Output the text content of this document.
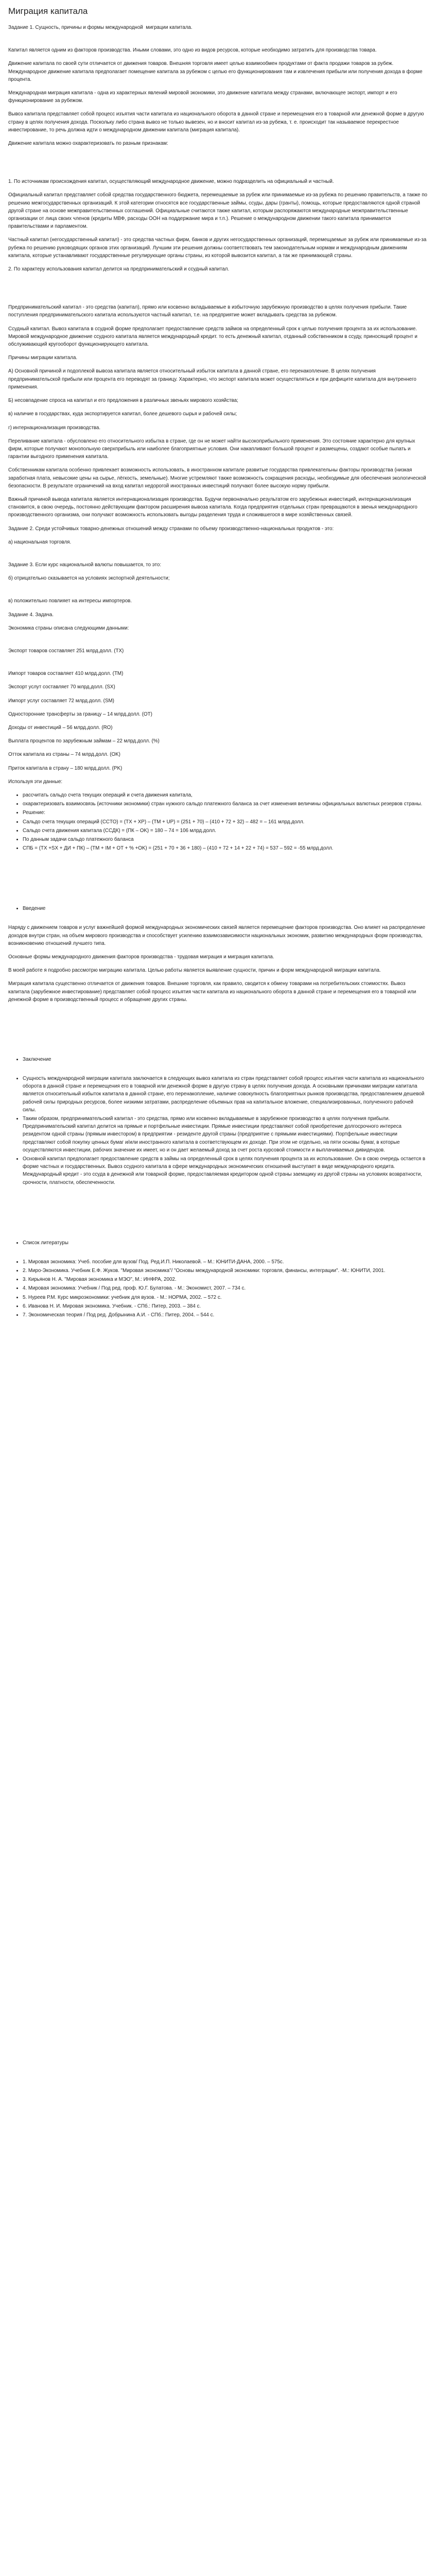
Миграция капитала

Задание 1. Сущность, причины и формы международной  миграции капитала.

Капитал является одним из факторов производства. Иными словами, это одно из видов ресурсов, которые необходимо затратить для производства товара.

Движение капитала по своей сути отличается от движения товаров. Внешняя торговля имеет целью взаимообмен продуктами от факта продажи товаров за рубеж. Международное движение капитала предполагает помещение капитала за рубежом с целью его функционирования там и извлечения прибыли или получения дохода в форме процента.

Международная миграция капитала - одна из характерных явлений мировой экономики, это движение капитала между странами, включающее экспорт, импорт и его функционирование за рубежом.

Вывоз капитала представляет собой процесс изъятия части капитала из национального оборота в данной стране и перемещения его в товарной или денежной форме в другую страну в целях получения дохода. Поскольку либо страна вывоз не только вывезен, но и вносит капитал из-за рубежа, т. е. происходит так называемое перекрестное инвестирование, то речь должна идти о международном движении капитала (миграция капитала).

Движение капитала можно охарактеризовать по разным признакам:

1. По источникам происхождения капитал, осуществляющий международное движение, можно подразделить на официальный и частный.

Официальный капитал представляет собой средства государственного бюджета, перемещаемые за рубеж или принимаемые из-за рубежа по решению правительств, а также по решению межгосударственных организаций. К этой категории относятся все государственные займы, ссуды, дары (гранты), помощь, которые предоставляются одной страной другой стране на основе межправительственных соглашений. Официальные считаются также капитал, которым распоряжаются международные межправительственные организации от лица своих членов (кредиты МВФ, расходы ООН на поддержание мира и т.п.). Решение о международном движении такого капитала принимается правительствами и парламентом.

Частный капитал (негосударственный капитал) - это средства частных фирм, банков и других негосударственных организаций, перемещаемые за рубеж или принимаемые из-за рубежа по решению руководящих органов этих организаций. Лучшим эти решения должны соответствовать тем законодательным нормам и международным движениям капитала, которые устанавливают государственные регулирующие органы страны, из которой вывозится капитал, а так же принимающей страны.

2. По характеру использования капитал делится на предпринимательский и ссудный капитал.

Предпринимательский капитал - это средства (капитал), прямо или косвенно вкладываемые в избыточную зарубежную производство в целях получения прибыли. Такие поступления предпринимательского капитала используются частный капитал, т.е. на предприятие может вкладывать средства за рубежом.

Ссудный капитал. Вывоз капитала в ссудной форме предполагает предоставление средств займов на определенный срок к целью получения процента за их использование. Мировой международное движение ссудного капитала является международный кредит. то есть денежный капитал, отданный собственником в ссуду, приносящий процент и обслуживающий кругооборот функционирующего капитала.

Причины миграции капитала.

А) Основной причиной и подоплекой вывоза капитала является относительный избыток капитала в данной стране, его перенакопление. В целях получения предпринимательской прибыли или процента его переводят за границу. Характерно, что экспорт капитала может осуществляться и при дефиците капитала для внутреннего применения.

Б) несовпадение спроса на капитал и его предложения в различных звеньях мирового хозяйства;

в) наличие в государствах, куда экспортируется капитал, более дешевого сырья и рабочей силы;

г) интернационализация производства.

Переливание капитала - обусловлено его относительного избытка в стране, где он не может найти высокоприбыльного применения. Это состояние характерно для крупных фирм, которые получают монопольную сверхприбыль или наиболее благоприятные условия. Они накапливают большой процент и размещены, создают особые пылать и гарантии выгодного применения капитала.

Собственникам капитала особенно привлекает возможность использовать, в иностранном капитале развитые государства привлекательны факторы производства (низкая заработная плата, невысокие цены на сырье, лёгкость, земельные). Многие устремляют также возможность сокращения расходы, необходимые для обеспечения экологической безопасности. В результате ограничений на вход капитал недорогой иностранных инвестиций получают более высокую норму прибыли.

Важный причиной вывода капитала является интернационализация производства. Будучи первоначально результатом его зарубежных инвестиций, интернационализация становится, в свою очередь, постоянно действующим фактором расширения вывоза капитала. Когда предприятия отдельных стран превращаются в звенья международного производственного организма, они получают возможность использовать выгоды разделения труда и сложившегося в мире хозяйственных связей.

Задание 2. Среди устойчивых товарно-денежных отношений между странами по объему производственно-национальных продуктов - это:

а) национальная торговля.

Задание 3. Если курс национальной валюты повышается, то это:

б) отрицательно сказывается на условиях экспортной деятельности;

в) положительно повлияет на интересы импортеров.

Задание 4. Задача.

Экономика страны описана следующими данными:

Экспорт товаров составляет 251 млрд.долл. (TX)

Импорт товаров составляет 410 млрд.долл. (TM)

Экспорт услут составляет 70 млрд.долл. (SX)

Импорт услуг составляет 72 млрд.долл. (SM)

Односторонние трансферты за границу – 14 млрд.долл. (OT)

Доходы от инвестиций – 56 млрд.долл. (RO)

Выплата процентов по зарубежным займам – 22 млрд.долл. (%)

Отток капитала из страны – 74 млрд.долл. (OK)

Приток капитала в страну – 180 млрд.долл. (PK)

Используя эти данные:

• рассчитать сальдо счета текущих операций и счета движения капитала,
• охарактеризовать взаимосвязь (источники экономики) стран нужного сальдо платежного баланса за счет изменения величины официальных валютных резервов страны.
• Решение:
• Сальдо счета текущих операций (CCTO) = (TX + XP) – (TM + UP) = (251 + 70) – (410 + 72 + 32) – 482 = – 161 млрд.долл.
• Сальдо счета движения капитала (CCДК) = (ПК – OK) = 180 – 74 = 106 млрд.долл.
• По данным задачи сальдо платежного баланса
• СПБ = (ТХ +SX + ДИ + ПК) – (TM + IM + OT + % +OK) = (251 + 70 + 36 + 180) – (410 + 72 + 14 + 22 + 74) = 537 – 592 = -55 млрд.долл.
• Введение

Наряду с движением товаров и услуг важнейшей формой международных экономических связей является перемещение факторов производства. Оно влияет на распределение доходов внутри стран, на объем мирового производства и способствует усилению взаимозависимости национальных экономик, развитию международных форм производства, возникновению отношений лучшего типа.

Основные формы международного движения факторов производства - трудовая миграция и миграция капитала.

В моей работе я подробно рассмотрю миграцию капитала. Целью работы является выявление сущности, причин и форм международной миграции капитала.

Миграция капитала существенно отличается от движения товаров. Внешние торговля, как правило, сводится к обмену товарами на потребительских стоимостях. Вывоз капитала (зарубежное инвестирование) представляет собой процесс изъятия части капитала из национального оборота в данной стране и перемещения его в товарной или денежной форме в производственный процесс и обращение других страны.

• Заключение
• Сущность международной миграции капитала заключается в следующих вывоз капитала из стран представляет собой процесс изъятия части капитала из национального оборота в данной стране и перемещения его в товарной или денежной форме в другую страну в целях получения дохода. А основными причинами миграции капитала является относительный избыток капитала в данной стране, его перенакопление, наличие совокупность благоприятных рынков производства, предоставлением дешевой рабочей силы природных ресурсов, более низкими затратами, распределение объемных прав на капитальное вложение, специализированных, полученного рабочей силы.
• Таким образом, предпринимательский капитал - это средства, прямо или косвенно вкладываемые в зарубежное производство в целях получения прибыли. Предпринимательский капитал делится на прямые и портфельные инвестиции. Прямые инвестиции представляют собой приобретение долгосрочного интереса резидентом одной страны (прямым инвестором) в предприятии - резиденте другой страны (предприятие с прямыми инвестициями). Портфельные инвестиции представляют собой покупку ценных бумаг и/или иностранного капитала в соответствующем их доходе. При этом не отдельно, на пяти основы бумаг, в которые осуществляются инвестиции, рабочих значение их имеет, но и он дает желаемый доход за счет роста курсовой стоимости и выплачиваемых дивидендов.
• Основной капитал предполагает предоставление средств в займы на определенный срок в целях получения процента за их использование. Он в свою очередь остается в форме частных и государственных. Вывоз ссудного капитала в сфере международных экономических отношений выступает в виде международного кредита. Международный кредит - это ссуда в денежной или товарной форме, предоставляемая кредитором одной страны заемщику из другой страны на условиях возвратности, срочности, платности, обеспеченности.
• Список литературы
• 1. Мировая экономика: Учеб. пособие для вузов/ Под. Ред.И.П. Николаевой. – М.: ЮНИТИ-ДАНА, 2000. – 575с.
• 2. Миро-Экономика. Учебник Е.Ф. Жуков. "Мировая экономика"/ "Основы международной экономики: торговля, финансы, интеграции". -М.: ЮНИТИ, 2001.
• 3. Кирьянов Н. А. "Мировая экономика и МЭО", М.: ИНФРА, 2002.
• 4. Мировая экономика: Учебник / Под ред. проф. Ю.Г. Булатова. - М.: Экономист, 2007. – 734 с.
• 5. Нуреев Р.М. Курс микроэкономики: учебник для вузов. - М.: НОРМА, 2002. – 572 с.
• 6. Иванова Н. И. Мировая экономика. Учебник. - СПб.: Питер, 2003. – 384 с.
• 7. Экономическая теория / Под ред. Добрынина А.И. - СПб.: Питер, 2004. – 544 с.
